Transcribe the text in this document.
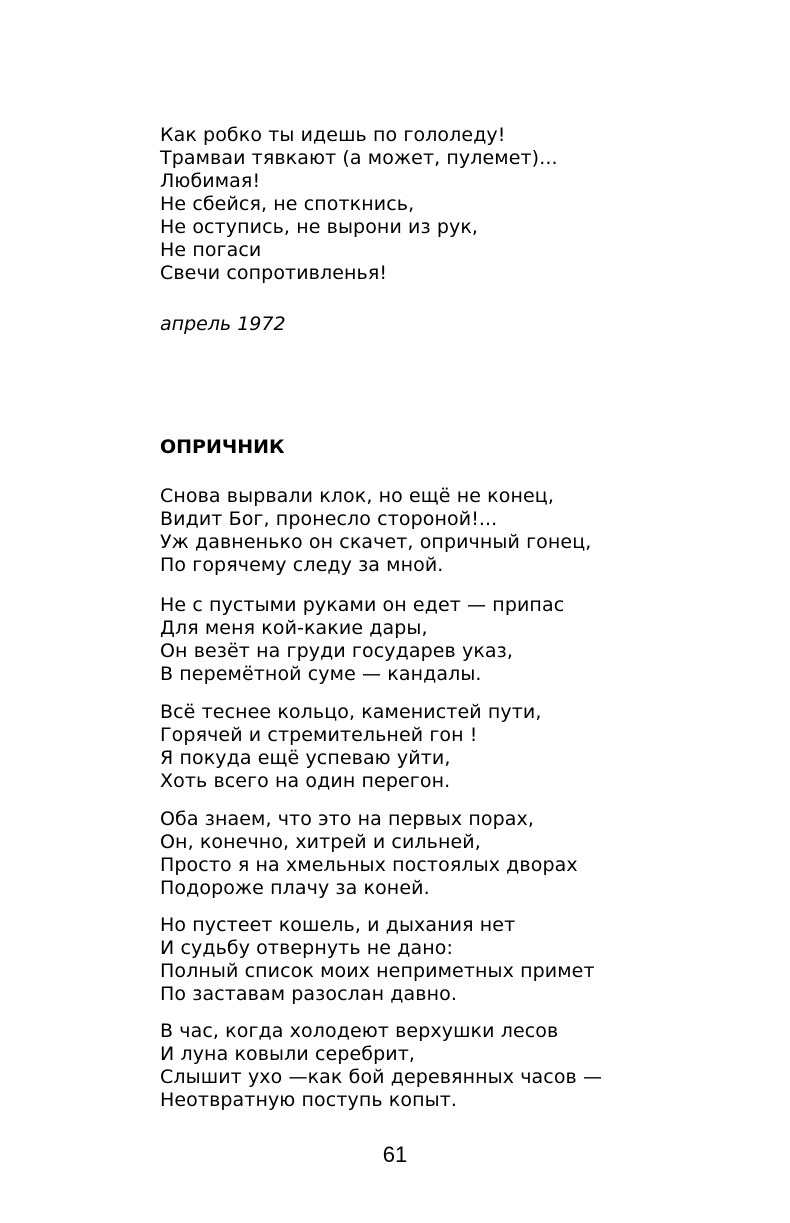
Как робко ты идешь по гололеду!
Трамваи тявкают (а может, пулемет)...
Любимая!
Не сбейся, не споткнись,
Не оступись, не вырони из рук,
Не погаси
Свечи сопротивленья!
апрель 1972
ОПРИЧНИК
Снова вырвали клок, но ещё не конец,
Видит Бог, пронесло стороной!...
Уж давненько он скачет, опричный гонец,
По горячему следу за мной.
Не с пустыми руками он едет — припас
Для меня кой-какие дары,
Он везёт на груди государев указ,
В перемётной суме — кандалы.
Всё теснее кольцо, каменистей пути,
Горячей и стремительней гон !
Я покуда ещё успеваю уйти,
Хоть всего на один перегон.
Оба знаем, что это на первых порах,
Он, конечно, хитрей и сильней,
Просто я на хмельных постоялых дворах
Подороже плачу за коней.
Но пустеет кошель, и дыхания нет
И судьбу отвернуть не дано:
Полный список моих неприметных примет
По заставам разослан давно.
В час, когда холодеют верхушки лесов
И луна ковыли серебрит,
Слышит ухо —как бой деревянных часов —
Неотвратную поступь копыт.
61
